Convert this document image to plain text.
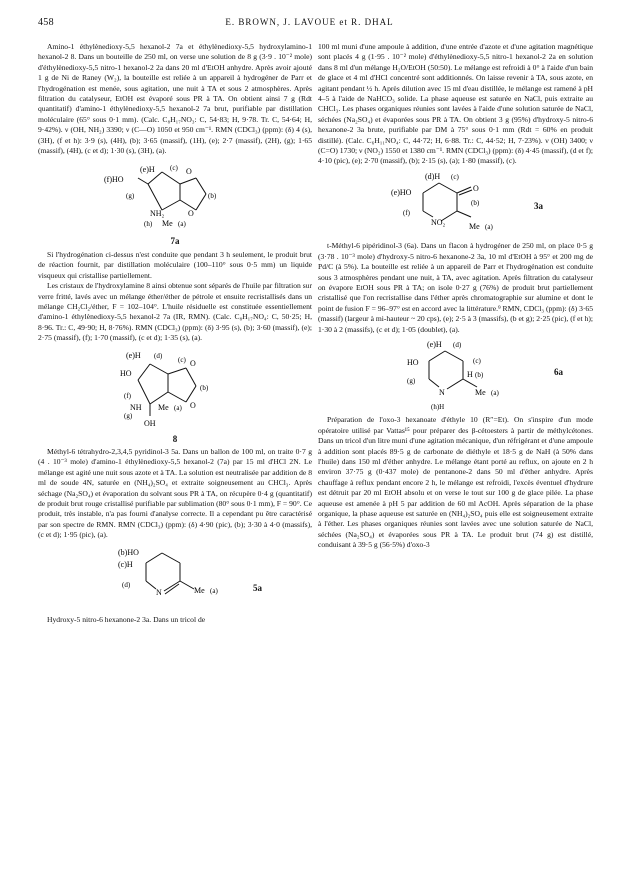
458	E. BROWN, J. LAVOUE et R. DHAL

Amino-1 éthylènedioxy-5,5 hexanol-2 7a et éthylènedioxy-5,5 hydroxylamino-1 hexanol-2 8. Dans un bouteille de 250 ml, on verse une solution de 8 g (3·9 . 10⁻² mole) d'éthylènedioxy-5,5 nitro-1 hexanol-2 2a dans 20 ml d'EtOH anhydre. Après avoir ajouté 1 g de Ni de Raney (W₂), la bouteille est reliée à un appareil à hydrogéner de Parr et l'hydrogénation est menée, sous agitation, une nuit à TA et sous 2 atmosphères. Après filtration du catalyseur, EtOH est évaporé sous PR à TA. On obtient ainsi 7 g (Rdt quantitatif) d'amino-1 éthylènedioxy-5,5 hexanol-2 7a brut, purifiable par distillation moléculaire (65° sous 0·1 mm). (Calc. C₈H₁₇NO₃: C, 54·83; H, 9·78. Tr. C, 54·64; H, 9·42%). ν (OH, NH₂) 3390; ν (C—O) 1050 et 950 cm⁻¹. RMN (CDCl₃) (ppm): (δ) 4 (s), (3H), (f et h): 3·9 (s), (4H), (b); 3·65 (massif), (1H), (e); 2·7 (massif), (2H), (g); 1·65 (massif), (4H), (c et d); 1·30 (s), (3H), (a).

(e)H
(f)HO
(g)
NH₂
(c) O
O
(b)
(h) Me (a)
7a

Si l'hydrogénation ci-dessus n'est conduite que pendant 3 h seulement, le produit brut de réaction fournit, par distillation moléculaire (100–110° sous 0·5 mm) un liquide visqueux qui cristallise partiellement.

Les cristaux de l'hydroxylamine 8 ainsi obtenue sont séparés de l'huile par filtration sur verre fritté, lavés avec un mélange éther/éther de pétrole et ensuite recristallisés dans un mélange CH₂Cl₂/éther, F = 102–104°. L'huile résiduelle est constituée essentiellement d'amino-1 éthylènedioxy-5,5 hexanol-2 7a (IR, RMN). (Calc. C₈H₁₇NO₄: C, 50·25; H, 8·96. Tr.: C, 49·90; H, 8·76%). RMN (CDCl₃) (ppm): (δ) 3·95 (s), (b); 3·60 (massif), (e); 2·75 (massif), (f); 1·70 (massif), (c et d); 1·35 (s), (a).

(e)H
HO
(d) (c) O
O
(b)
(f)
NH Me (a)
OH
(g)
8

Méthyl-6 tétrahydro-2,3,4,5 pyridinol-3 5a. Dans un ballon de 100 ml, on traite 0·7 g (4 . 10⁻³ mole) d'amino-1 éthylènedioxy-5,5 hexanol-2 (7a) par 15 ml d'HCl 2N. Le mélange est agité une nuit sous azote et à TA. La solution est neutralisée par addition de 8 ml de soude 4N, saturée en (NH₄)₂SO₄ et extraite soigneusement au CHCl₃. Après séchage (Na₂SO₄) et évaporation du solvant sous PR à TA, on récupère 0·4 g (quantitatif) de produit brut rouge cristallisé purifiable par sublimation (80° sous 0·1 mm), F = 90°. Ce produit, très instable, n'a pas fourni d'analyse correcte. Il a cependant pu être caractérisé par son spectre de RMN. RMN (CDCl₃) (ppm): (δ) 4·90 (pic), (b); 3·30 à 4·0 (massifs), (c et d); 1·95 (pic), (a).

(b)HO
(c)H
(d)
N	Me (a)	5a

Hydroxy-5 nitro-6 hexanone-2 3a. Dans un tricol de

100 ml muni d'une ampoule à addition, d'une entrée d'azote et d'une agitation magnétique sont placés 4 g (1·95 . 10⁻² mole) d'éthylènedioxy-5,5 nitro-1 hexanol-2 2a en solution dans 8 ml d'un mélange H₂O/EtOH (50:50). Le mélange est refroidi à 0° à l'aide d'un bain de glace et 4 ml d'HCl concentré sont additionnés. On laisse revenir à TA, sous azote, en agitant pendant ½ h. Après dilution avec 15 ml d'eau distillée, le mélange est ramené à pH 4–5 à l'aide de NaHCO₃ solide. La phase aqueuse est saturée en NaCl, puis extraite au CHCl₃. Les phases organiques réunies sont lavées à l'aide d'une solution saturée de NaCl, séchées (Na₂SO₄) et évaporées sous PR à TA. On obtient 3 g (95%) d'hydroxy-5 nitro-6 hexanone-2 3a brute, purifiable par DM à 75° sous 0·1 mm (Rdt = 60% en produit distillé). (Calc. C₆H₁₁NO₄: C, 44·72; H, 6·88. Tr.: C, 44·52; H, 7·23%). ν (OH) 3400; ν (C=O) 1730; ν (NO₂) 1550 et 1380 cm⁻¹. RMN (CDCl₃) (ppm): (δ) 4·45 (massif), (d et f); 4·10 (pic), (e); 2·70 (massif), (b); 2·15 (s), (a); 1·80 (massif), (c).

(d)H (c)
(e)HO	O
(f)
NO₂	Me (a)
(b)	3a

t-Méthyl-6 pipéridinol-3 (6a). Dans un flacon à hydrogéner de 250 ml, on place 0·5 g (3·78 . 10⁻³ mole) d'hydroxy-5 nitro-6 hexanone-2 3a, 10 ml d'EtOH à 95° et 200 mg de Pd/C (à 5%). La bouteille est reliée à un appareil de Parr et l'hydrogénation est conduite sous 3 atmosphères pendant une nuit, à TA, avec agitation. Après filtration du catalyseur on évapore EtOH sous PR à TA; on isole 0·27 g (76%) de produit brut partiellement cristallisé que l'on recristallise dans l'éther après chromatographie sur alumine et dont le point de fusion F = 96–97° est en accord avec la littérature.⁹ RMN, CDCl₃ (ppm): (δ) 3·65 (massif) (largeur à mi-hauteur ~ 20 cps), (e); 2·5 à 3 (massifs), (b et g); 2·25 (pic), (f et h); 1·30 à 2 (massifs), (c et d); 1·05 (doublet), (a).

(e)H (d)
HO	(c)
(g)
N
H (b)
Me (a)
(h)H
6a

Préparation de l'oxo-3 hexanoate d'éthyle 10 (R″=Et). On s'inspire d'un mode opératoire utilisé par Vattas¹⁵ pour préparer des β-cétoesters à partir de méthylcétones. Dans un tricol d'un litre muni d'une agitation mécanique, d'un réfrigérant et d'une ampoule à addition sont placés 89·5 g de carbonate de diéthyle et 18·5 g de NaH (à 50% dans l'huile) dans 150 ml d'éther anhydre. Le mélange étant porté au reflux, on ajoute en 2 h environ 37·75 g (0·437 mole) de pentanone-2 dans 50 ml d'éther anhydre. Après chauffage à reflux pendant encore 2 h, le mélange est refroidi, l'excès éventuel d'hydrure est détruit par 20 ml EtOH absolu et on verse le tout sur 100 g de glace pilée. La phase aqueuse est amenée à pH 5 par addition de 60 ml AcOH. Après séparation de la phase organique, la phase aqueuse est saturée en (NH₄)₂SO₄ puis elle est soigneusement extraite à l'éther. Les phases organiques réunies sont lavées avec une solution saturée de NaCl, séchées (Na₂SO₄) et évaporées sous PR à TA. Le produit brut (74 g) est distillé, conduisant à 39·5 g (56·5%) d'oxo-3
